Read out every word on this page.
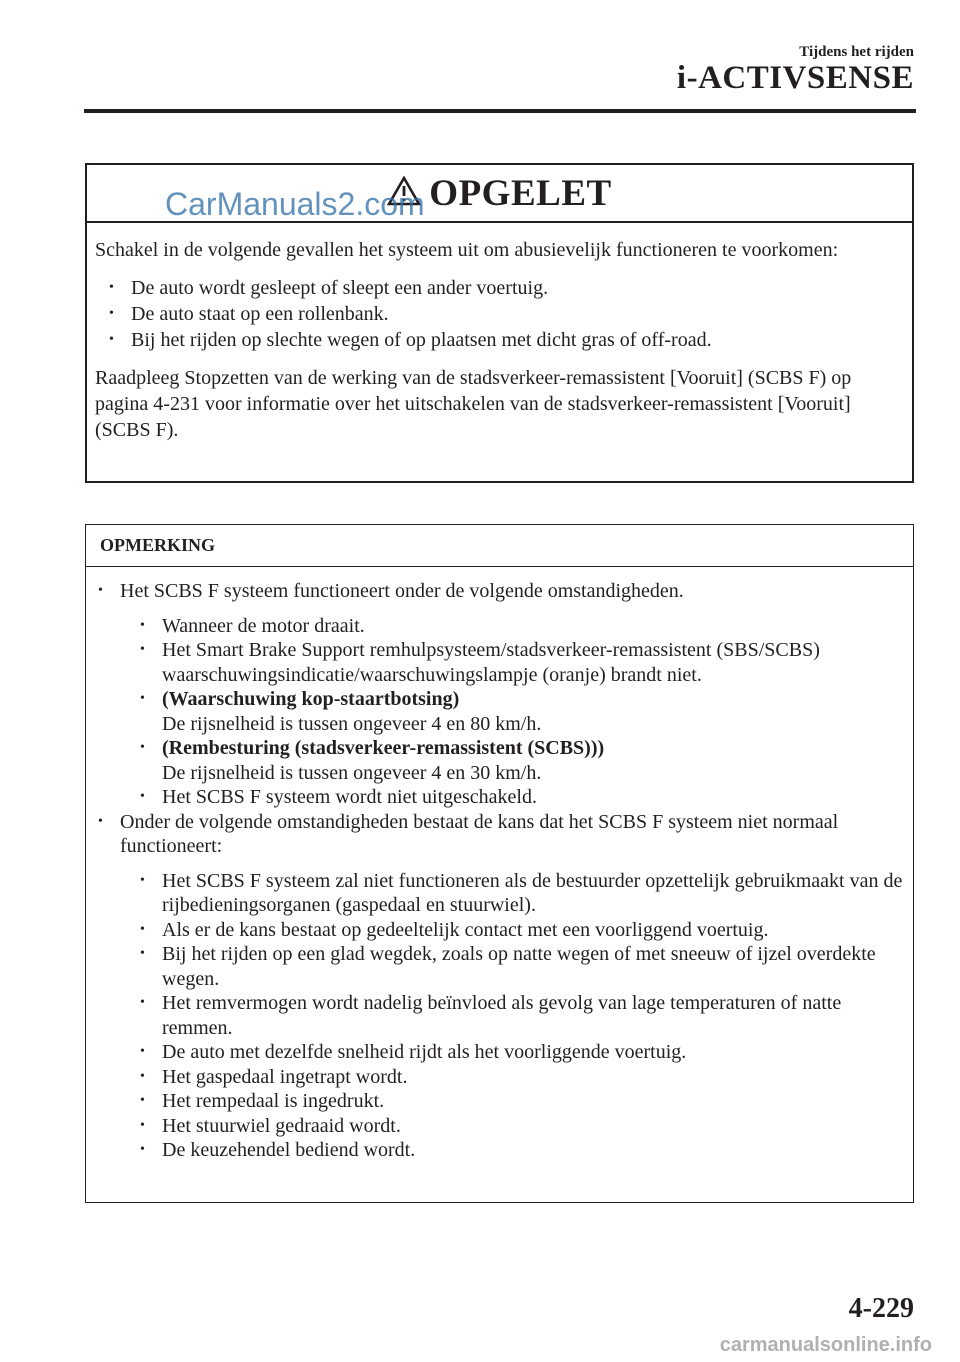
Tijdens het rijden
i-ACTIVSENSE
OPGELET

Schakel in de volgende gevallen het systeem uit om abusievelijk functioneren te voorkomen:

• De auto wordt gesleept of sleept een ander voertuig.
• De auto staat op een rollenbank.
• Bij het rijden op slechte wegen of op plaatsen met dicht gras of off-road.

Raadpleeg Stopzetten van de werking van de stadsverkeer-remassistent [Vooruit] (SCBS F) op pagina 4-231 voor informatie over het uitschakelen van de stadsverkeer-remassistent [Vooruit] (SCBS F).

CarManuals2.com
OPMERKING
• Het SCBS F systeem functioneert onder de volgende omstandigheden.
• Wanneer de motor draait.
• Het Smart Brake Support remhulpsysteem/stadsverkeer-remassistent (SBS/SCBS) waarschuwingsindicatie/waarschuwingslampje (oranje) brandt niet.
• (Waarschuwing kop-staartbotsing)
De rijsnelheid is tussen ongeveer 4 en 80 km/h.
• (Rembesturing (stadsverkeer-remassistent (SCBS)))
De rijsnelheid is tussen ongeveer 4 en 30 km/h.
• Het SCBS F systeem wordt niet uitgeschakeld.
• Onder de volgende omstandigheden bestaat de kans dat het SCBS F systeem niet normaal functioneert:
• Het SCBS F systeem zal niet functioneren als de bestuurder opzettelijk gebruikmaakt van de rijbedieningsorganen (gaspedaal en stuurwiel).
• Als er de kans bestaat op gedeeltelijk contact met een voorliggend voertuig.
• Bij het rijden op een glad wegdek, zoals op natte wegen of met sneeuw of ijzel overdekte wegen.
• Het remvermogen wordt nadelig beïnvloed als gevolg van lage temperaturen of natte remmen.
• De auto met dezelfde snelheid rijdt als het voorliggende voertuig.
• Het gaspedaal ingetrapt wordt.
• Het rempedaal is ingedrukt.
• Het stuurwiel gedraaid wordt.
• De keuzehendel bediend wordt.
4-229
carmanualsonline.info
